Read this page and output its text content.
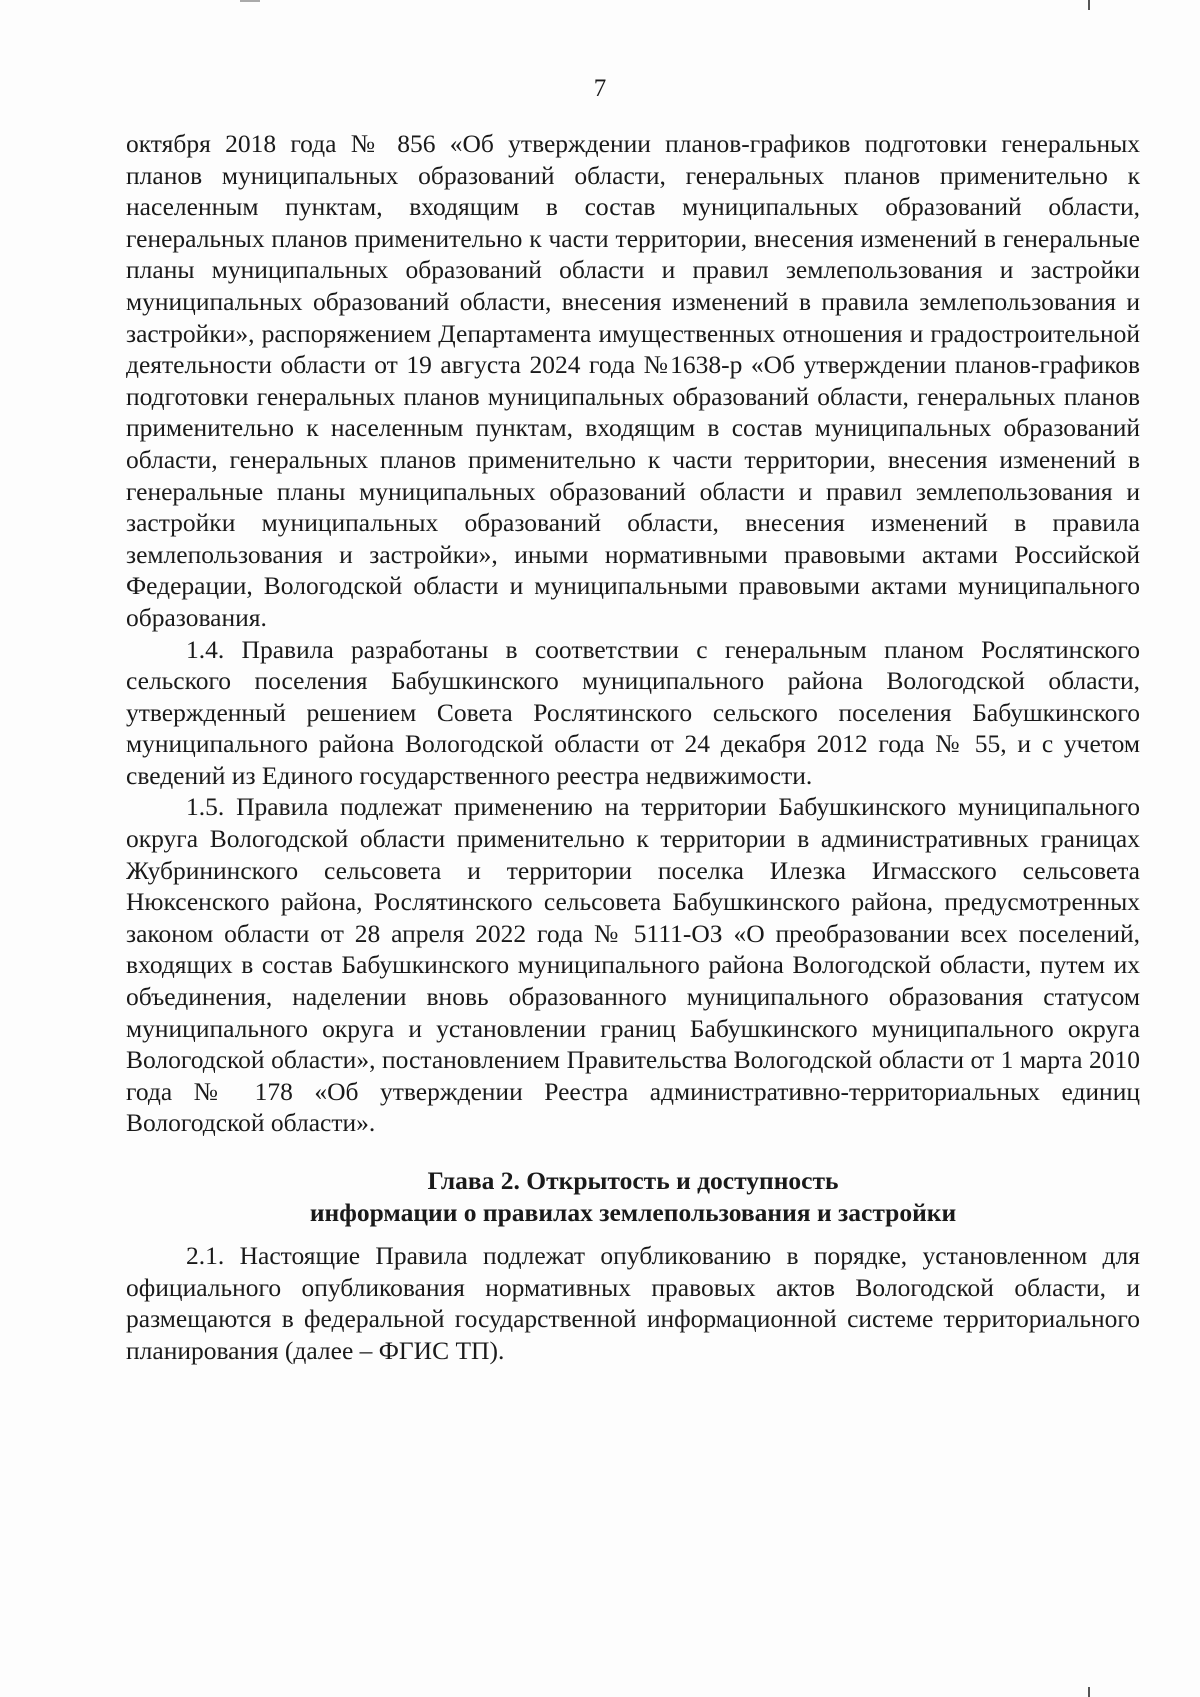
7

октября 2018 года № 856 «Об утверждении планов-графиков подготовки генеральных планов муниципальных образований области, генеральных планов применительно к населенным пунктам, входящим в состав муниципальных образований области, генеральных планов применительно к части территории, внесения изменений в генеральные планы муниципальных образований области и правил землепользования и застройки муниципальных образований области, внесения изменений в правила землепользования и застройки», распоряжением Департамента имущественных отношения и градостроительной деятельности области от 19 августа 2024 года №1638-р «Об утверждении планов-графиков подготовки генеральных планов муниципальных образований области, генеральных планов применительно к населенным пунктам, входящим в состав муниципальных образований области, генеральных планов применительно к части территории, внесения изменений в генеральные планы муниципальных образований области и правил землепользования и застройки муниципальных образований области, внесения изменений в правила землепользования и застройки», иными нормативными правовыми актами Российской Федерации, Вологодской области и муниципальными правовыми актами муниципального образования.

1.4. Правила разработаны в соответствии с генеральным планом Рослятинского сельского поселения Бабушкинского муниципального района Вологодской области, утвержденный решением Совета Рослятинского сельского поселения Бабушкинского муниципального района Вологодской области от 24 декабря 2012 года № 55, и с учетом сведений из Единого государственного реестра недвижимости.

1.5. Правила подлежат применению на территории Бабушкинского муниципального округа Вологодской области применительно к территории в административных границах Жубрининского сельсовета и территории поселка Илезка Игмасского сельсовета Нюксенского района, Рослятинского сельсовета Бабушкинского района, предусмотренных законом области от 28 апреля 2022 года № 5111-ОЗ «О преобразовании всех поселений, входящих в состав Бабушкинского муниципального района Вологодской области, путем их объединения, наделении вновь образованного муниципального образования статусом муниципального округа и установлении границ Бабушкинского муниципального округа Вологодской области», постановлением Правительства Вологодской области от 1 марта 2010 года № 178 «Об утверждении Реестра административно-территориальных единиц Вологодской области».

Глава 2. Открытость и доступность
информации о правилах землепользования и застройки

2.1. Настоящие Правила подлежат опубликованию в порядке, установленном для официального опубликования нормативных правовых актов Вологодской области, и размещаются в федеральной государственной информационной системе территориального планирования (далее – ФГИС ТП).
